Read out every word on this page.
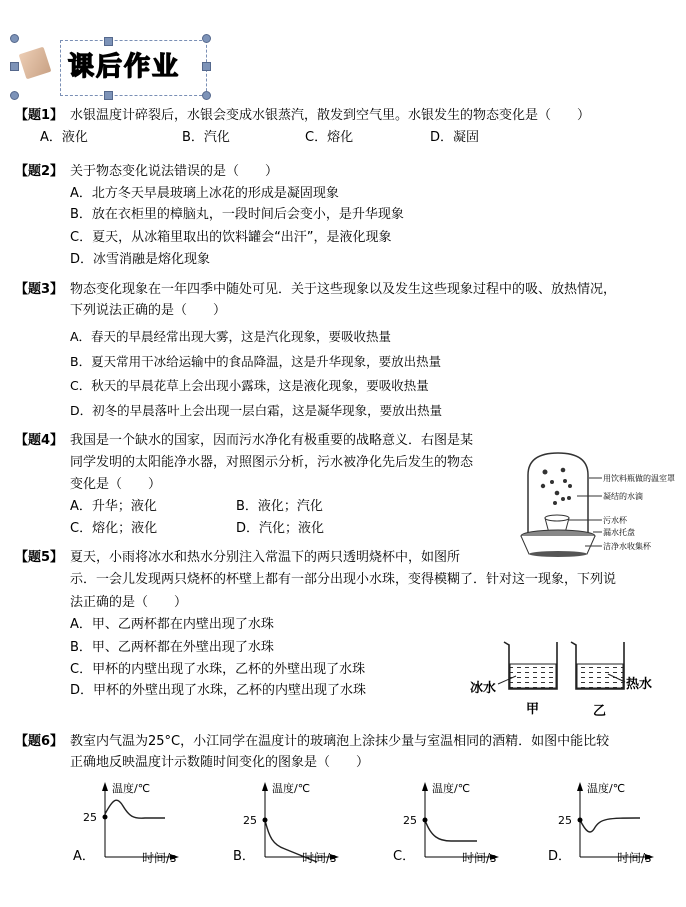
课后作业
【题1】 水银温度计碎裂后，水银会变成水银蒸汽，散发到空气里。水银发生的物态变化是（　　）
A．液化	B．汽化	C．熔化	D．凝固
【题2】 关于物态变化说法错误的是（　　）
A．北方冬天早晨玻璃上冰花的形成是凝固现象
B．放在衣柜里的樟脑丸，一段时间后会变小，是升华现象
C．夏天，从冰箱里取出的饮料罐会“出汗”，是液化现象
D．冰雪消融是熔化现象
【题3】 物态变化现象在一年四季中随处可见．关于这些现象以及发生这些现象过程中的吸、放热情况，
下列说法正确的是（　　）
A．春天的早晨经常出现大雾，这是汽化现象，要吸收热量
B．夏天常用干冰给运输中的食品降温，这是升华现象，要放出热量
C．秋天的早晨花草上会出现小露珠，这是液化现象，要吸收热量
D．初冬的早晨落叶上会出现一层白霜，这是凝华现象，要放出热量
【题4】 我国是一个缺水的国家，因而污水净化有极重要的战略意义．右图是某
同学发明的太阳能净水器，对照图示分析，污水被净化先后发生的物态
变化是（　　）
A．升华；液化	B．液化；汽化
C．熔化；液化	D．汽化；液化
用饮料瓶做的温室罩
凝结的水滴
污水杯
漏水托盘
洁净水收集杯
【题5】 夏天，小雨将冰水和热水分别注入常温下的两只透明烧杯中，如图所
示．一会儿发现两只烧杯的杯壁上都有一部分出现小水珠，变得模糊了．针对这一现象，下列说
法正确的是（　　）
A．甲、乙两杯都在内壁出现了水珠
B．甲、乙两杯都在外壁出现了水珠
C．甲杯的内壁出现了水珠，乙杯的外壁出现了水珠
D．甲杯的外壁出现了水珠，乙杯的内壁出现了水珠	冰水	热水
甲	乙
【题6】 教室内气温为25°C，小江同学在温度计的玻璃泡上涂抹少量与室温相同的酒精．如图中能比较
正确地反映温度计示数随时间变化的图象是（　　）
温度/℃
25
A．	时间/s
温度/℃
25
B．	时间/s
温度/℃
25
C．	时间/s
温度/℃
25
D．	时间/s
